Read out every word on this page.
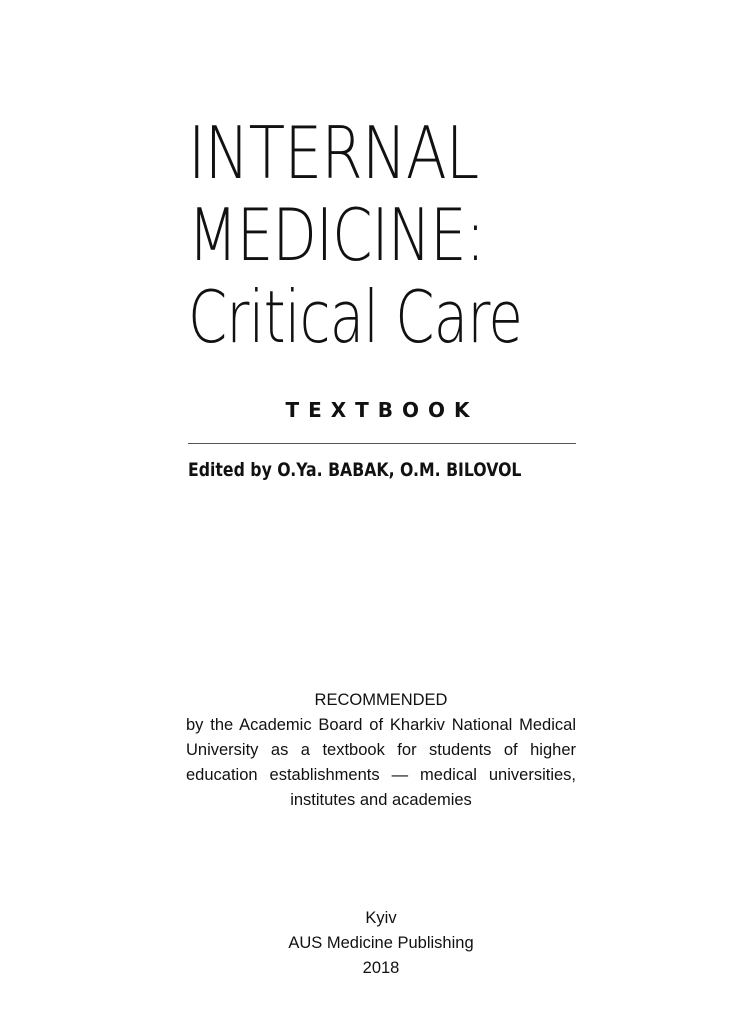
INTERNAL
MEDICINE:
Critical Care
TEXTBOOK
Edited by O.Ya. BABAK, O.M. BILOVOL
RECOMMENDED
by the Academic Board of Kharkiv National Medical University as a textbook for students of higher education establishments — medical universities, institutes and academies
Kyiv
AUS Medicine Publishing
2018
